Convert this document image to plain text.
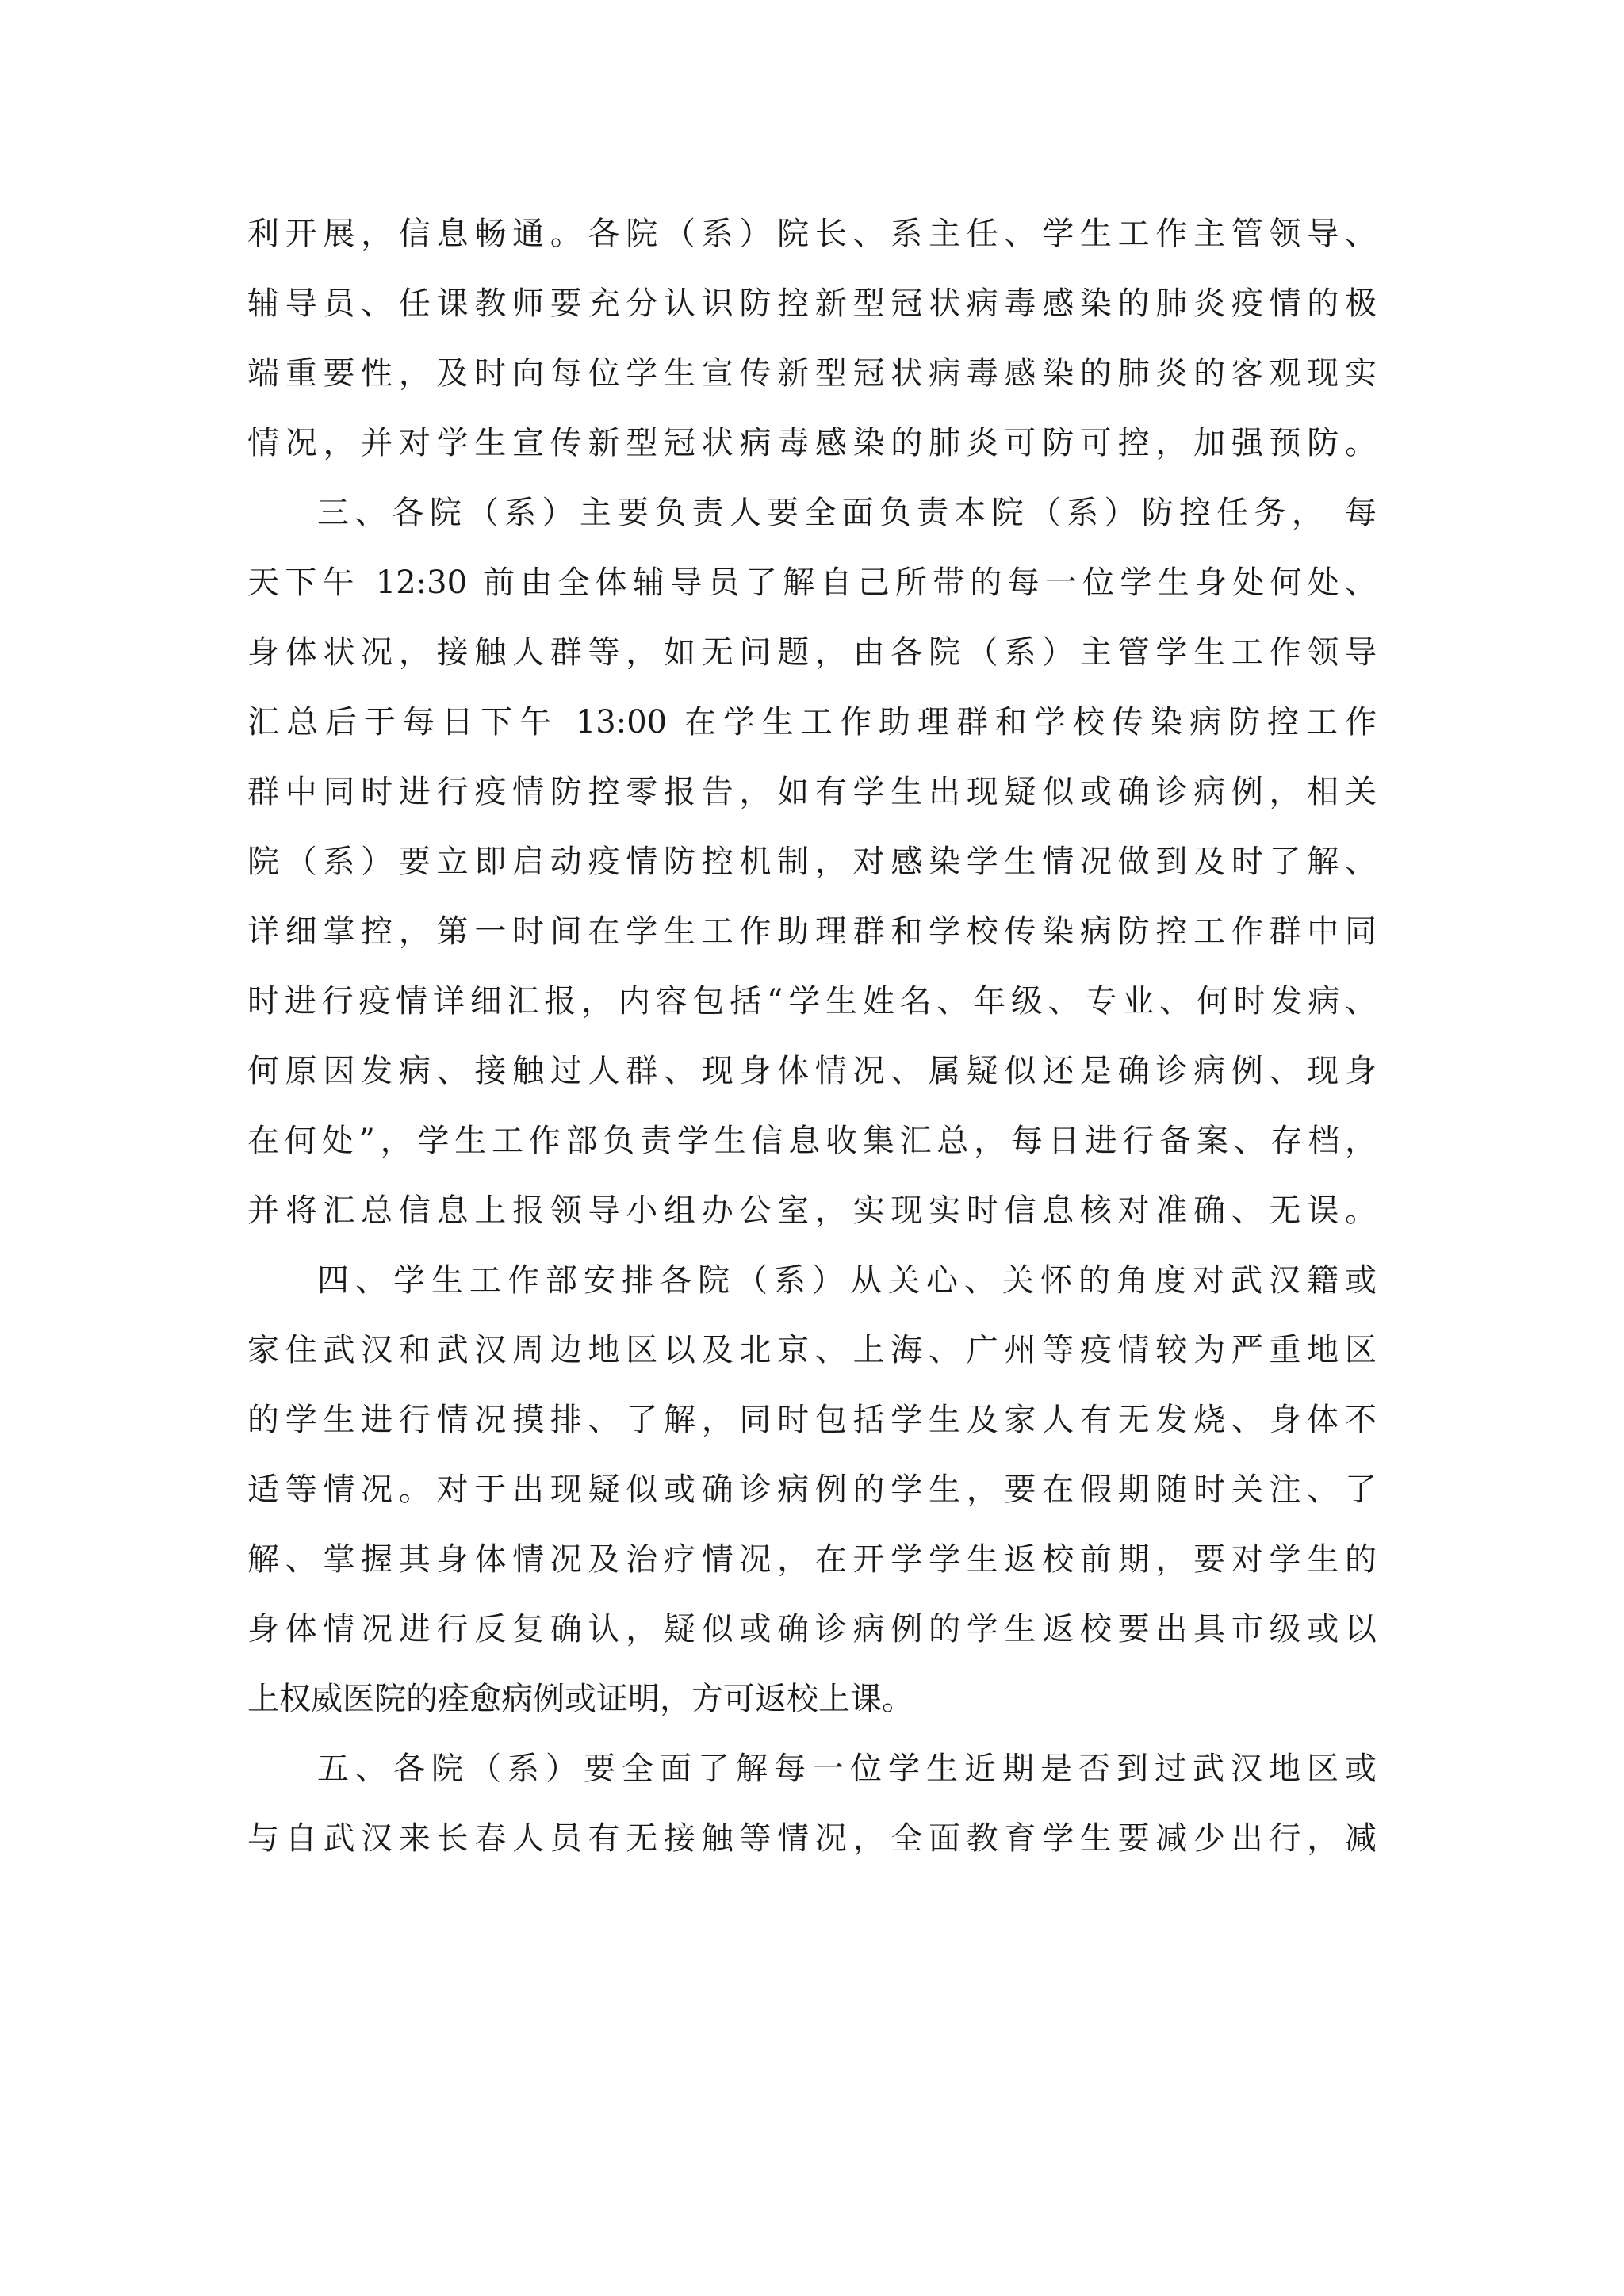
利开展，信息畅通。各院（系）院长、系主任、学生工作主管领导、
辅导员、任课教师要充分认识防控新型冠状病毒感染的肺炎疫情的极
端重要性，及时向每位学生宣传新型冠状病毒感染的肺炎的客观现实
情况，并对学生宣传新型冠状病毒感染的肺炎可防可控，加强预防。
三、各院（系）主要负责人要全面负责本院（系）防控任务， 每
天下午 12:30 前由全体辅导员了解自己所带的每一位学生身处何处、
身体状况，接触人群等，如无问题，由各院（系）主管学生工作领导
汇总后于每日下午 13:00 在学生工作助理群和学校传染病防控工作
群中同时进行疫情防控零报告，如有学生出现疑似或确诊病例，相关
院（系）要立即启动疫情防控机制，对感染学生情况做到及时了解、
详细掌控，第一时间在学生工作助理群和学校传染病防控工作群中同
时进行疫情详细汇报，内容包括“学生姓名、年级、专业、何时发病、
何原因发病、接触过人群、现身体情况、属疑似还是确诊病例、现身
在何处”，学生工作部负责学生信息收集汇总，每日进行备案、存档，
并将汇总信息上报领导小组办公室，实现实时信息核对准确、无误。
四、学生工作部安排各院（系）从关心、关怀的角度对武汉籍或
家住武汉和武汉周边地区以及北京、上海、广州等疫情较为严重地区
的学生进行情况摸排、了解，同时包括学生及家人有无发烧、身体不
适等情况。对于出现疑似或确诊病例的学生，要在假期随时关注、了
解、掌握其身体情况及治疗情况，在开学学生返校前期，要对学生的
身体情况进行反复确认，疑似或确诊病例的学生返校要出具市级或以
上权威医院的痊愈病例或证明，方可返校上课。
五、各院（系）要全面了解每一位学生近期是否到过武汉地区或
与自武汉来长春人员有无接触等情况，全面教育学生要减少出行，减
